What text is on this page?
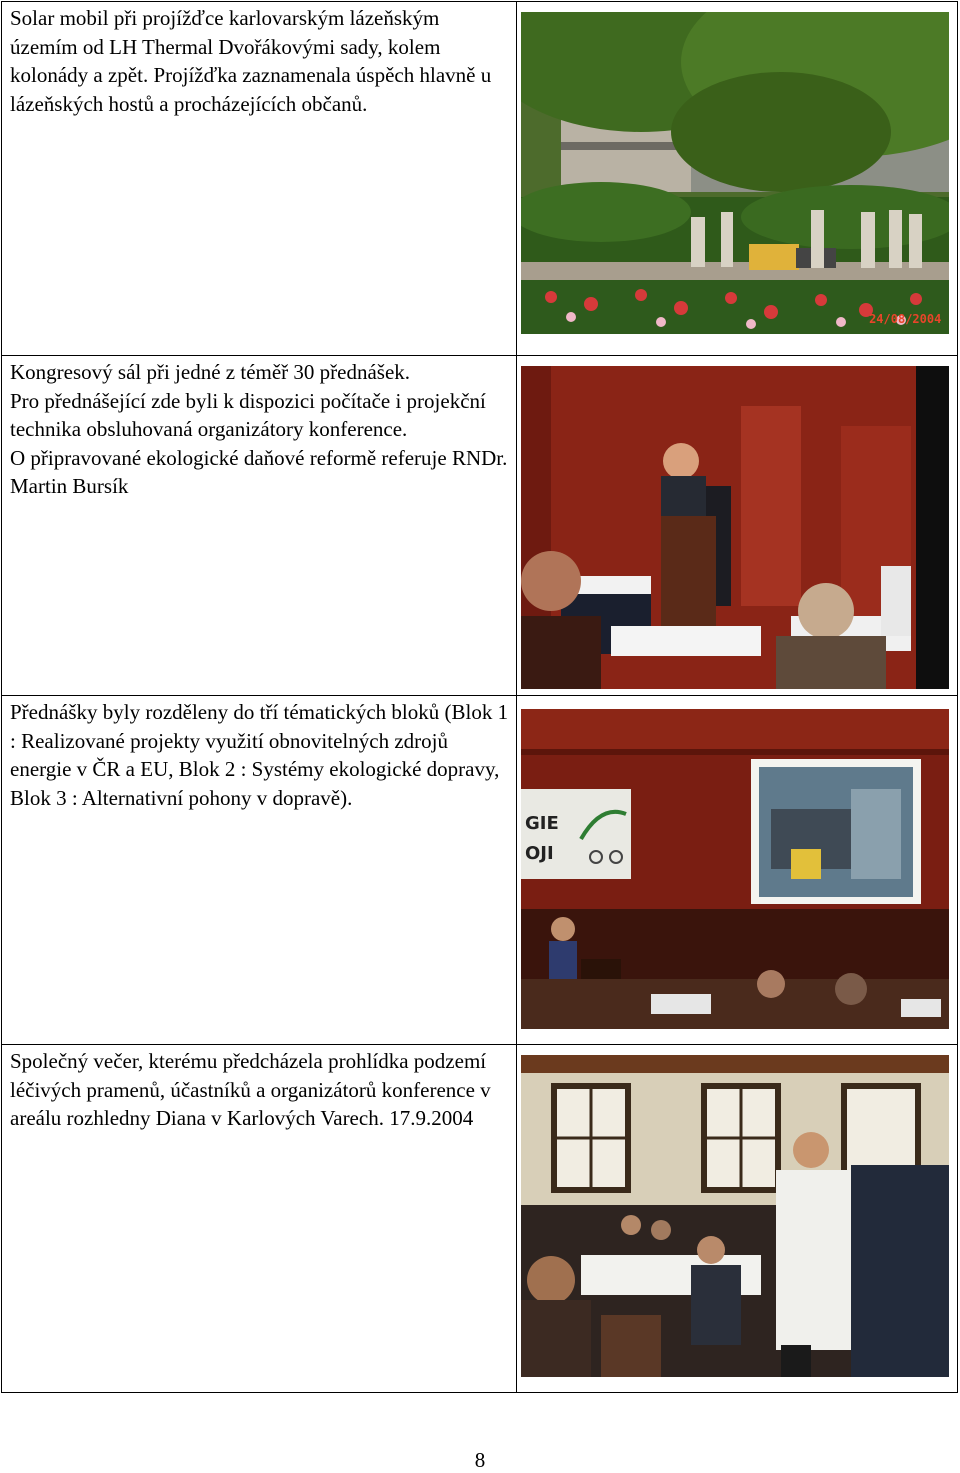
Solar mobil při projížďce karlovarským lázeňským územím od LH Thermal Dvořákovými sady, kolem kolonády a zpět. Projížďka zaznamenala úspěch hlavně u lázeňských hostů a procházejících občanů.	24/08/2004

Kongresový sál při jedné z téměř 30 přednášek.
Pro přednášející zde byli k dispozici počítače i projekční technika obsluhovaná organizátory konference.
O připravované ekologické daňové reformě referuje RNDr. Martin Bursík

Přednášky byly rozděleny do tří tématických bloků (Blok 1 : Realizované projekty využití obnovitelných zdrojů energie v ČR a EU, Blok 2 : Systémy ekologické dopravy,
Blok 3 : Alternativní pohony v dopravě).	GIE
OJI

Společný večer, kterému předcházela prohlídka podzemí léčivých pramenů, účastníků a organizátorů konference v areálu rozhledny Diana v Karlových Varech. 17.9.2004

8
